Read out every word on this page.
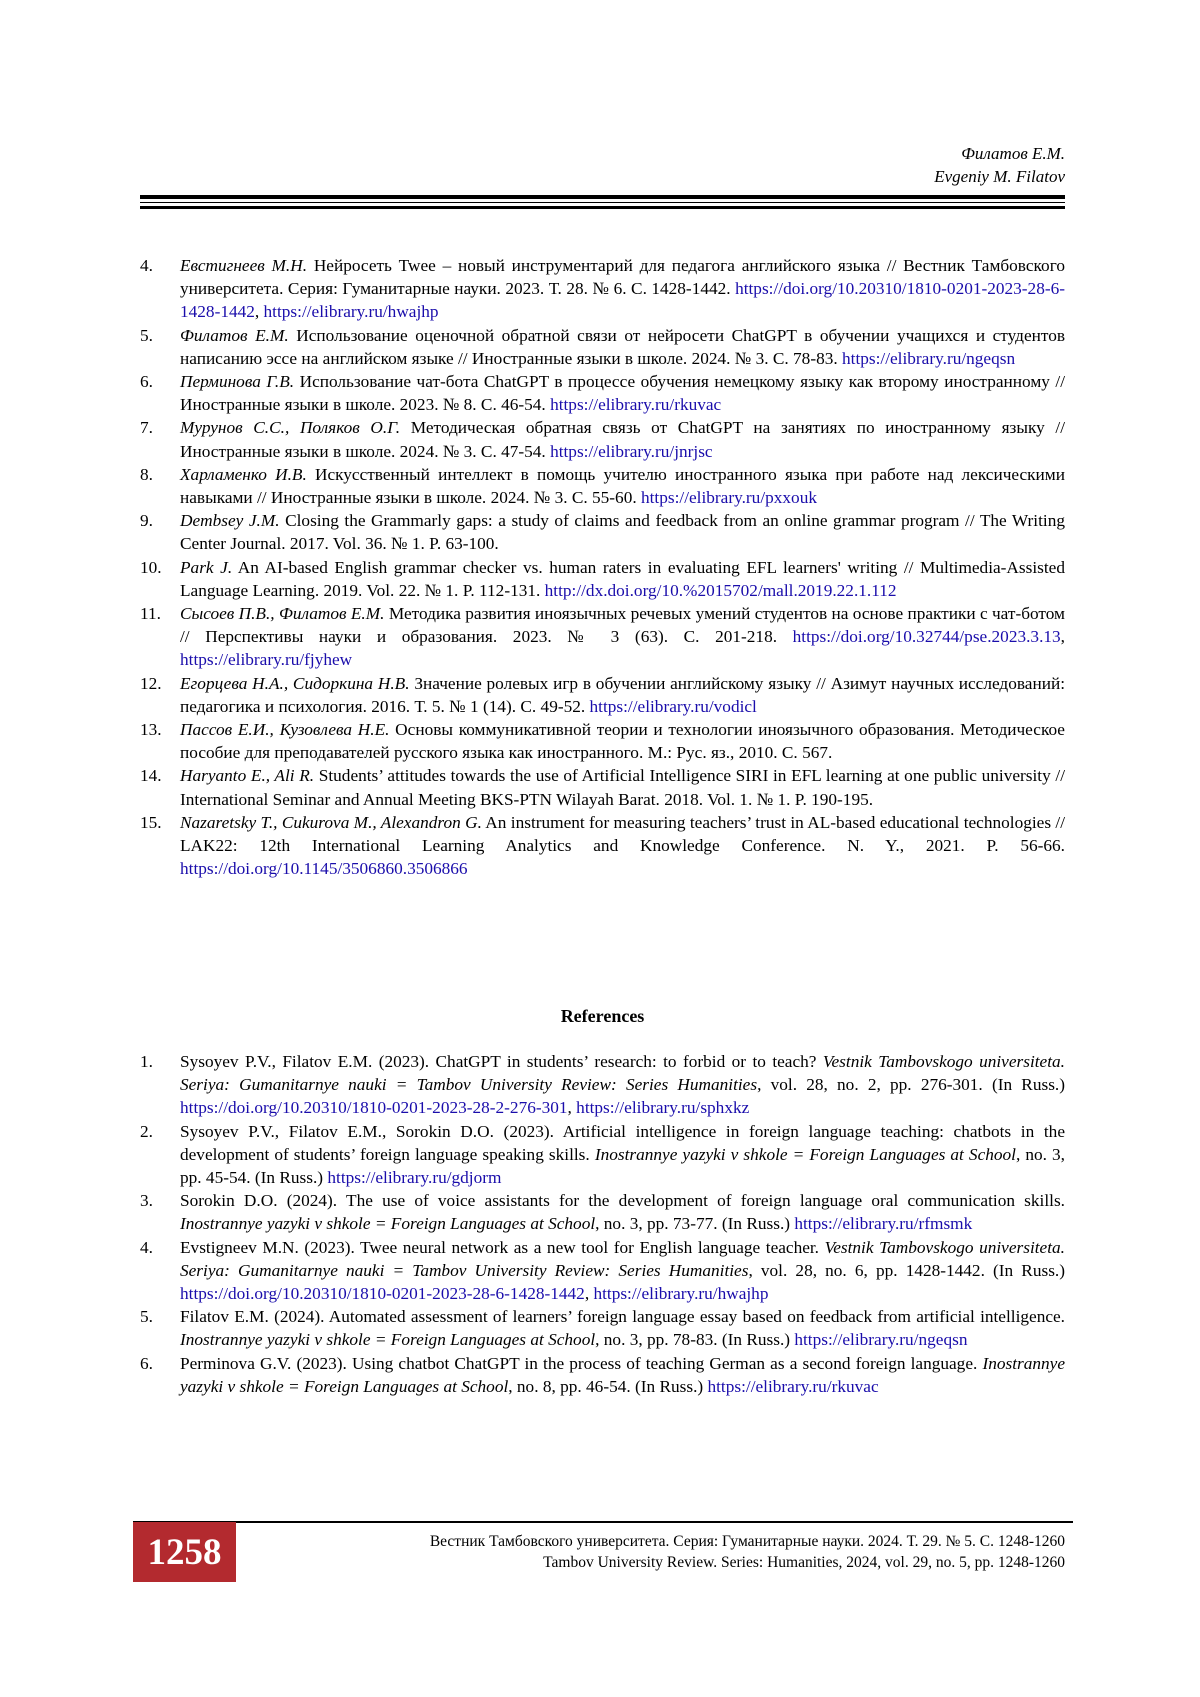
Филатов Е.М.
Evgeniy M. Filatov
4. Евстигнеев М.Н. Нейросеть Twee – новый инструментарий для педагога английского языка // Вестник Тамбовского университета. Серия: Гуманитарные науки. 2023. Т. 28. № 6. С. 1428-1442. https://doi.org/10.20310/1810-0201-2023-28-6-1428-1442, https://elibrary.ru/hwajhp
5. Филатов Е.М. Использование оценочной обратной связи от нейросети ChatGPT в обучении учащихся и студентов написанию эссе на английском языке // Иностранные языки в школе. 2024. № 3. С. 78-83. https://elibrary.ru/ngeqsn
6. Перминова Г.В. Использование чат-бота ChatGPT в процессе обучения немецкому языку как второму иностранному // Иностранные языки в школе. 2023. № 8. С. 46-54. https://elibrary.ru/rkuvac
7. Мурунов С.С., Поляков О.Г. Методическая обратная связь от ChatGPT на занятиях по иностранному языку // Иностранные языки в школе. 2024. № 3. С. 47-54. https://elibrary.ru/jnrjsc
8. Харламенко И.В. Искусственный интеллект в помощь учителю иностранного языка при работе над лексическими навыками // Иностранные языки в школе. 2024. № 3. С. 55-60. https://elibrary.ru/pxxouk
9. Dembsey J.M. Closing the Grammarly gaps: a study of claims and feedback from an online grammar program // The Writing Center Journal. 2017. Vol. 36. № 1. P. 63-100.
10. Park J. An AI-based English grammar checker vs. human raters in evaluating EFL learners' writing // Multimedia-Assisted Language Learning. 2019. Vol. 22. № 1. P. 112-131. http://dx.doi.org/10.%2015702/mall.2019.22.1.112
11. Сысоев П.В., Филатов Е.М. Методика развития иноязычных речевых умений студентов на основе практики с чат-ботом // Перспективы науки и образования. 2023. № 3 (63). С. 201-218. https://doi.org/10.32744/pse.2023.3.13, https://elibrary.ru/fjyhew
12. Егорцева Н.А., Сидоркина Н.В. Значение ролевых игр в обучении английскому языку // Азимут научных исследований: педагогика и психология. 2016. Т. 5. № 1 (14). С. 49-52. https://elibrary.ru/vodicl
13. Пассов Е.И., Кузовлева Н.Е. Основы коммуникативной теории и технологии иноязычного образования. Методическое пособие для преподавателей русского языка как иностранного. М.: Рус. яз., 2010. С. 567.
14. Haryanto E., Ali R. Students’ attitudes towards the use of Artificial Intelligence SIRI in EFL learning at one public university // International Seminar and Annual Meeting BKS-PTN Wilayah Barat. 2018. Vol. 1. № 1. P. 190-195.
15. Nazaretsky T., Cukurova M., Alexandron G. An instrument for measuring teachers’ trust in AL-based educational technologies // LAK22: 12th International Learning Analytics and Knowledge Conference. N. Y., 2021. P. 56-66. https://doi.org/10.1145/3506860.3506866
References
1. Sysoyev P.V., Filatov E.M. (2023). ChatGPT in students’ research: to forbid or to teach? Vestnik Tambovskogo universiteta. Seriya: Gumanitarnye nauki = Tambov University Review: Series Humanities, vol. 28, no. 2, pp. 276-301. (In Russ.) https://doi.org/10.20310/1810-0201-2023-28-2-276-301, https://elibrary.ru/sphxkz
2. Sysoyev P.V., Filatov E.M., Sorokin D.O. (2023). Artificial intelligence in foreign language teaching: chatbots in the development of students’ foreign language speaking skills. Inostrannye yazyki v shkole = Foreign Languages at School, no. 3, pp. 45-54. (In Russ.) https://elibrary.ru/gdjorm
3. Sorokin D.O. (2024). The use of voice assistants for the development of foreign language oral communication skills. Inostrannye yazyki v shkole = Foreign Languages at School, no. 3, pp. 73-77. (In Russ.) https://elibrary.ru/rfmsmk
4. Evstigneev M.N. (2023). Twee neural network as a new tool for English language teacher. Vestnik Tambovskogo universiteta. Seriya: Gumanitarnye nauki = Tambov University Review: Series Humanities, vol. 28, no. 6, pp. 1428-1442. (In Russ.) https://doi.org/10.20310/1810-0201-2023-28-6-1428-1442, https://elibrary.ru/hwajhp
5. Filatov E.M. (2024). Automated assessment of learners’ foreign language essay based on feedback from artificial intelligence. Inostrannye yazyki v shkole = Foreign Languages at School, no. 3, pp. 78-83. (In Russ.) https://elibrary.ru/ngeqsn
6. Perminova G.V. (2023). Using chatbot ChatGPT in the process of teaching German as a second foreign language. Inostrannye yazyki v shkole = Foreign Languages at School, no. 8, pp. 46-54. (In Russ.) https://elibrary.ru/rkuvac
1258	Вестник Тамбовского университета. Серия: Гуманитарные науки. 2024. Т. 29. № 5. С. 1248-1260
Tambov University Review. Series: Humanities, 2024, vol. 29, no. 5, pp. 1248-1260
